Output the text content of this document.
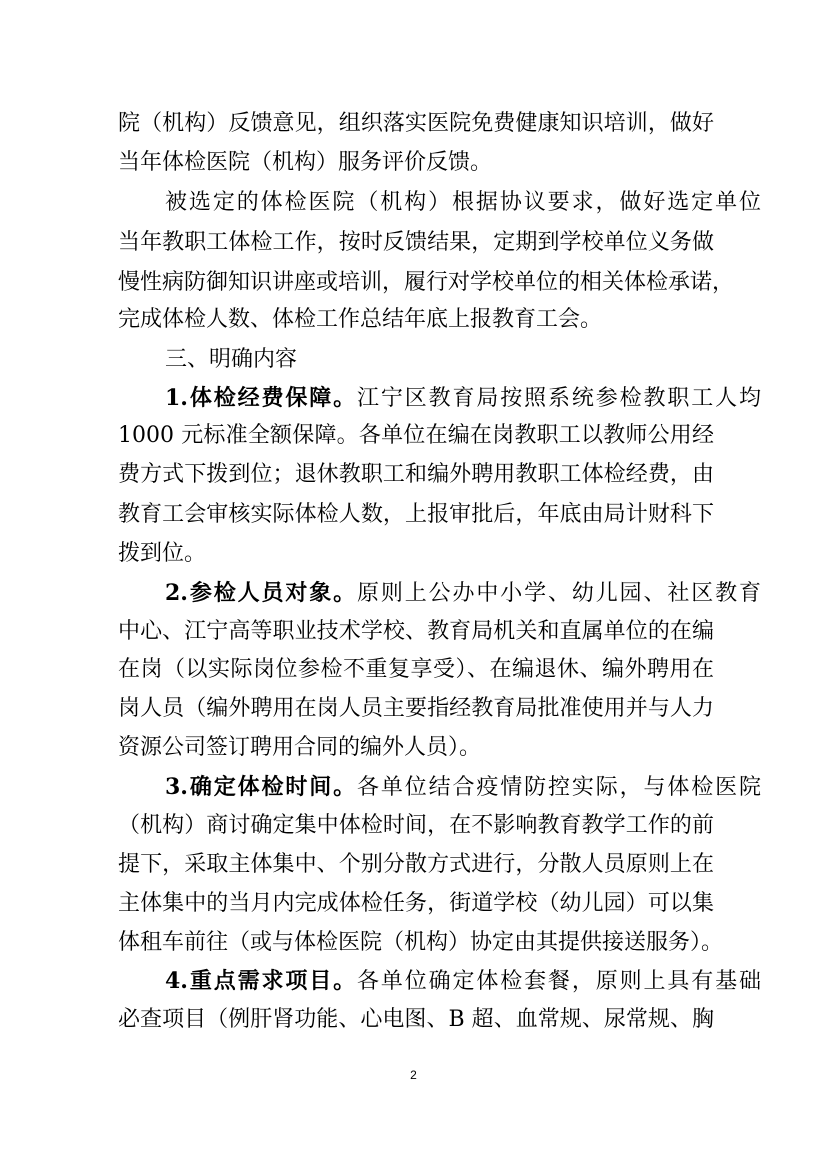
院（机构）反馈意见，组织落实医院免费健康知识培训，做好
当年体检医院（机构）服务评价反馈。
被选定的体检医院（机构）根据协议要求，做好选定单位
当年教职工体检工作，按时反馈结果，定期到学校单位义务做
慢性病防御知识讲座或培训，履行对学校单位的相关体检承诺，
完成体检人数、体检工作总结年底上报教育工会。
三、明确内容
1.体检经费保障。江宁区教育局按照系统参检教职工人均
1000 元标准全额保障。各单位在编在岗教职工以教师公用经
费方式下拨到位；退休教职工和编外聘用教职工体检经费，由
教育工会审核实际体检人数，上报审批后，年底由局计财科下
拨到位。
2.参检人员对象。原则上公办中小学、幼儿园、社区教育
中心、江宁高等职业技术学校、教育局机关和直属单位的在编
在岗（以实际岗位参检不重复享受）、在编退休、编外聘用在
岗人员（编外聘用在岗人员主要指经教育局批准使用并与人力
资源公司签订聘用合同的编外人员）。
3.确定体检时间。各单位结合疫情防控实际，与体检医院
（机构）商讨确定集中体检时间，在不影响教育教学工作的前
提下，采取主体集中、个别分散方式进行，分散人员原则上在
主体集中的当月内完成体检任务，街道学校（幼儿园）可以集
体租车前往（或与体检医院（机构）协定由其提供接送服务）。
4.重点需求项目。各单位确定体检套餐，原则上具有基础
必查项目（例肝肾功能、心电图、B 超、血常规、尿常规、胸
2
